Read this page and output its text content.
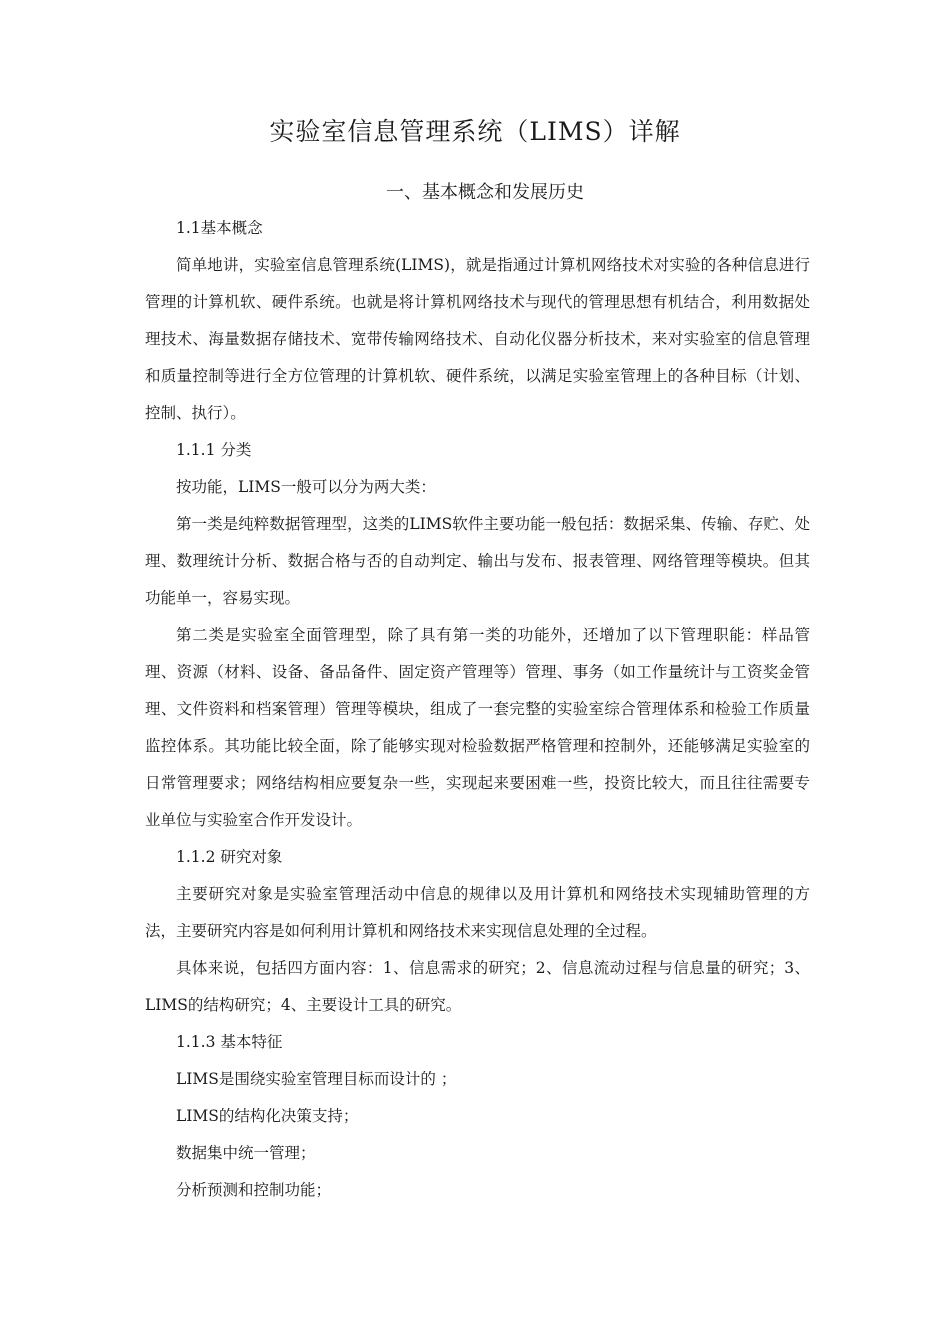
实验室信息管理系统（LIMS）详解
一、基本概念和发展历史

1.1基本概念

简单地讲，实验室信息管理系统(LIMS)，就是指通过计算机网络技术对实验的各种信息进行管理的计算机软、硬件系统。也就是将计算机网络技术与现代的管理思想有机结合，利用数据处理技术、海量数据存储技术、宽带传输网络技术、自动化仪器分析技术，来对实验室的信息管理和质量控制等进行全方位管理的计算机软、硬件系统，以满足实验室管理上的各种目标（计划、控制、执行）。

1.1.1 分类

按功能，LIMS一般可以分为两大类：

第一类是纯粹数据管理型，这类的LIMS软件主要功能一般包括：数据采集、传输、存贮、处理、数理统计分析、数据合格与否的自动判定、输出与发布、报表管理、网络管理等模块。但其功能单一，容易实现。

第二类是实验室全面管理型，除了具有第一类的功能外，还增加了以下管理职能：样品管理、资源（材料、设备、备品备件、固定资产管理等）管理、事务（如工作量统计与工资奖金管理、文件资料和档案管理）管理等模块，组成了一套完整的实验室综合管理体系和检验工作质量监控体系。其功能比较全面，除了能够实现对检验数据严格管理和控制外，还能够满足实验室的日常管理要求；网络结构相应要复杂一些，实现起来要困难一些，投资比较大，而且往往需要专业单位与实验室合作开发设计。

1.1.2 研究对象

主要研究对象是实验室管理活动中信息的规律以及用计算机和网络技术实现辅助管理的方法，主要研究内容是如何利用计算机和网络技术来实现信息处理的全过程。

具体来说，包括四方面内容：1、信息需求的研究；2、信息流动过程与信息量的研究；3、LIMS的结构研究；4、主要设计工具的研究。

1.1.3 基本特征

LIMS是围绕实验室管理目标而设计的 ；

LIMS的结构化决策支持；

数据集中统一管理；

分析预测和控制功能；
